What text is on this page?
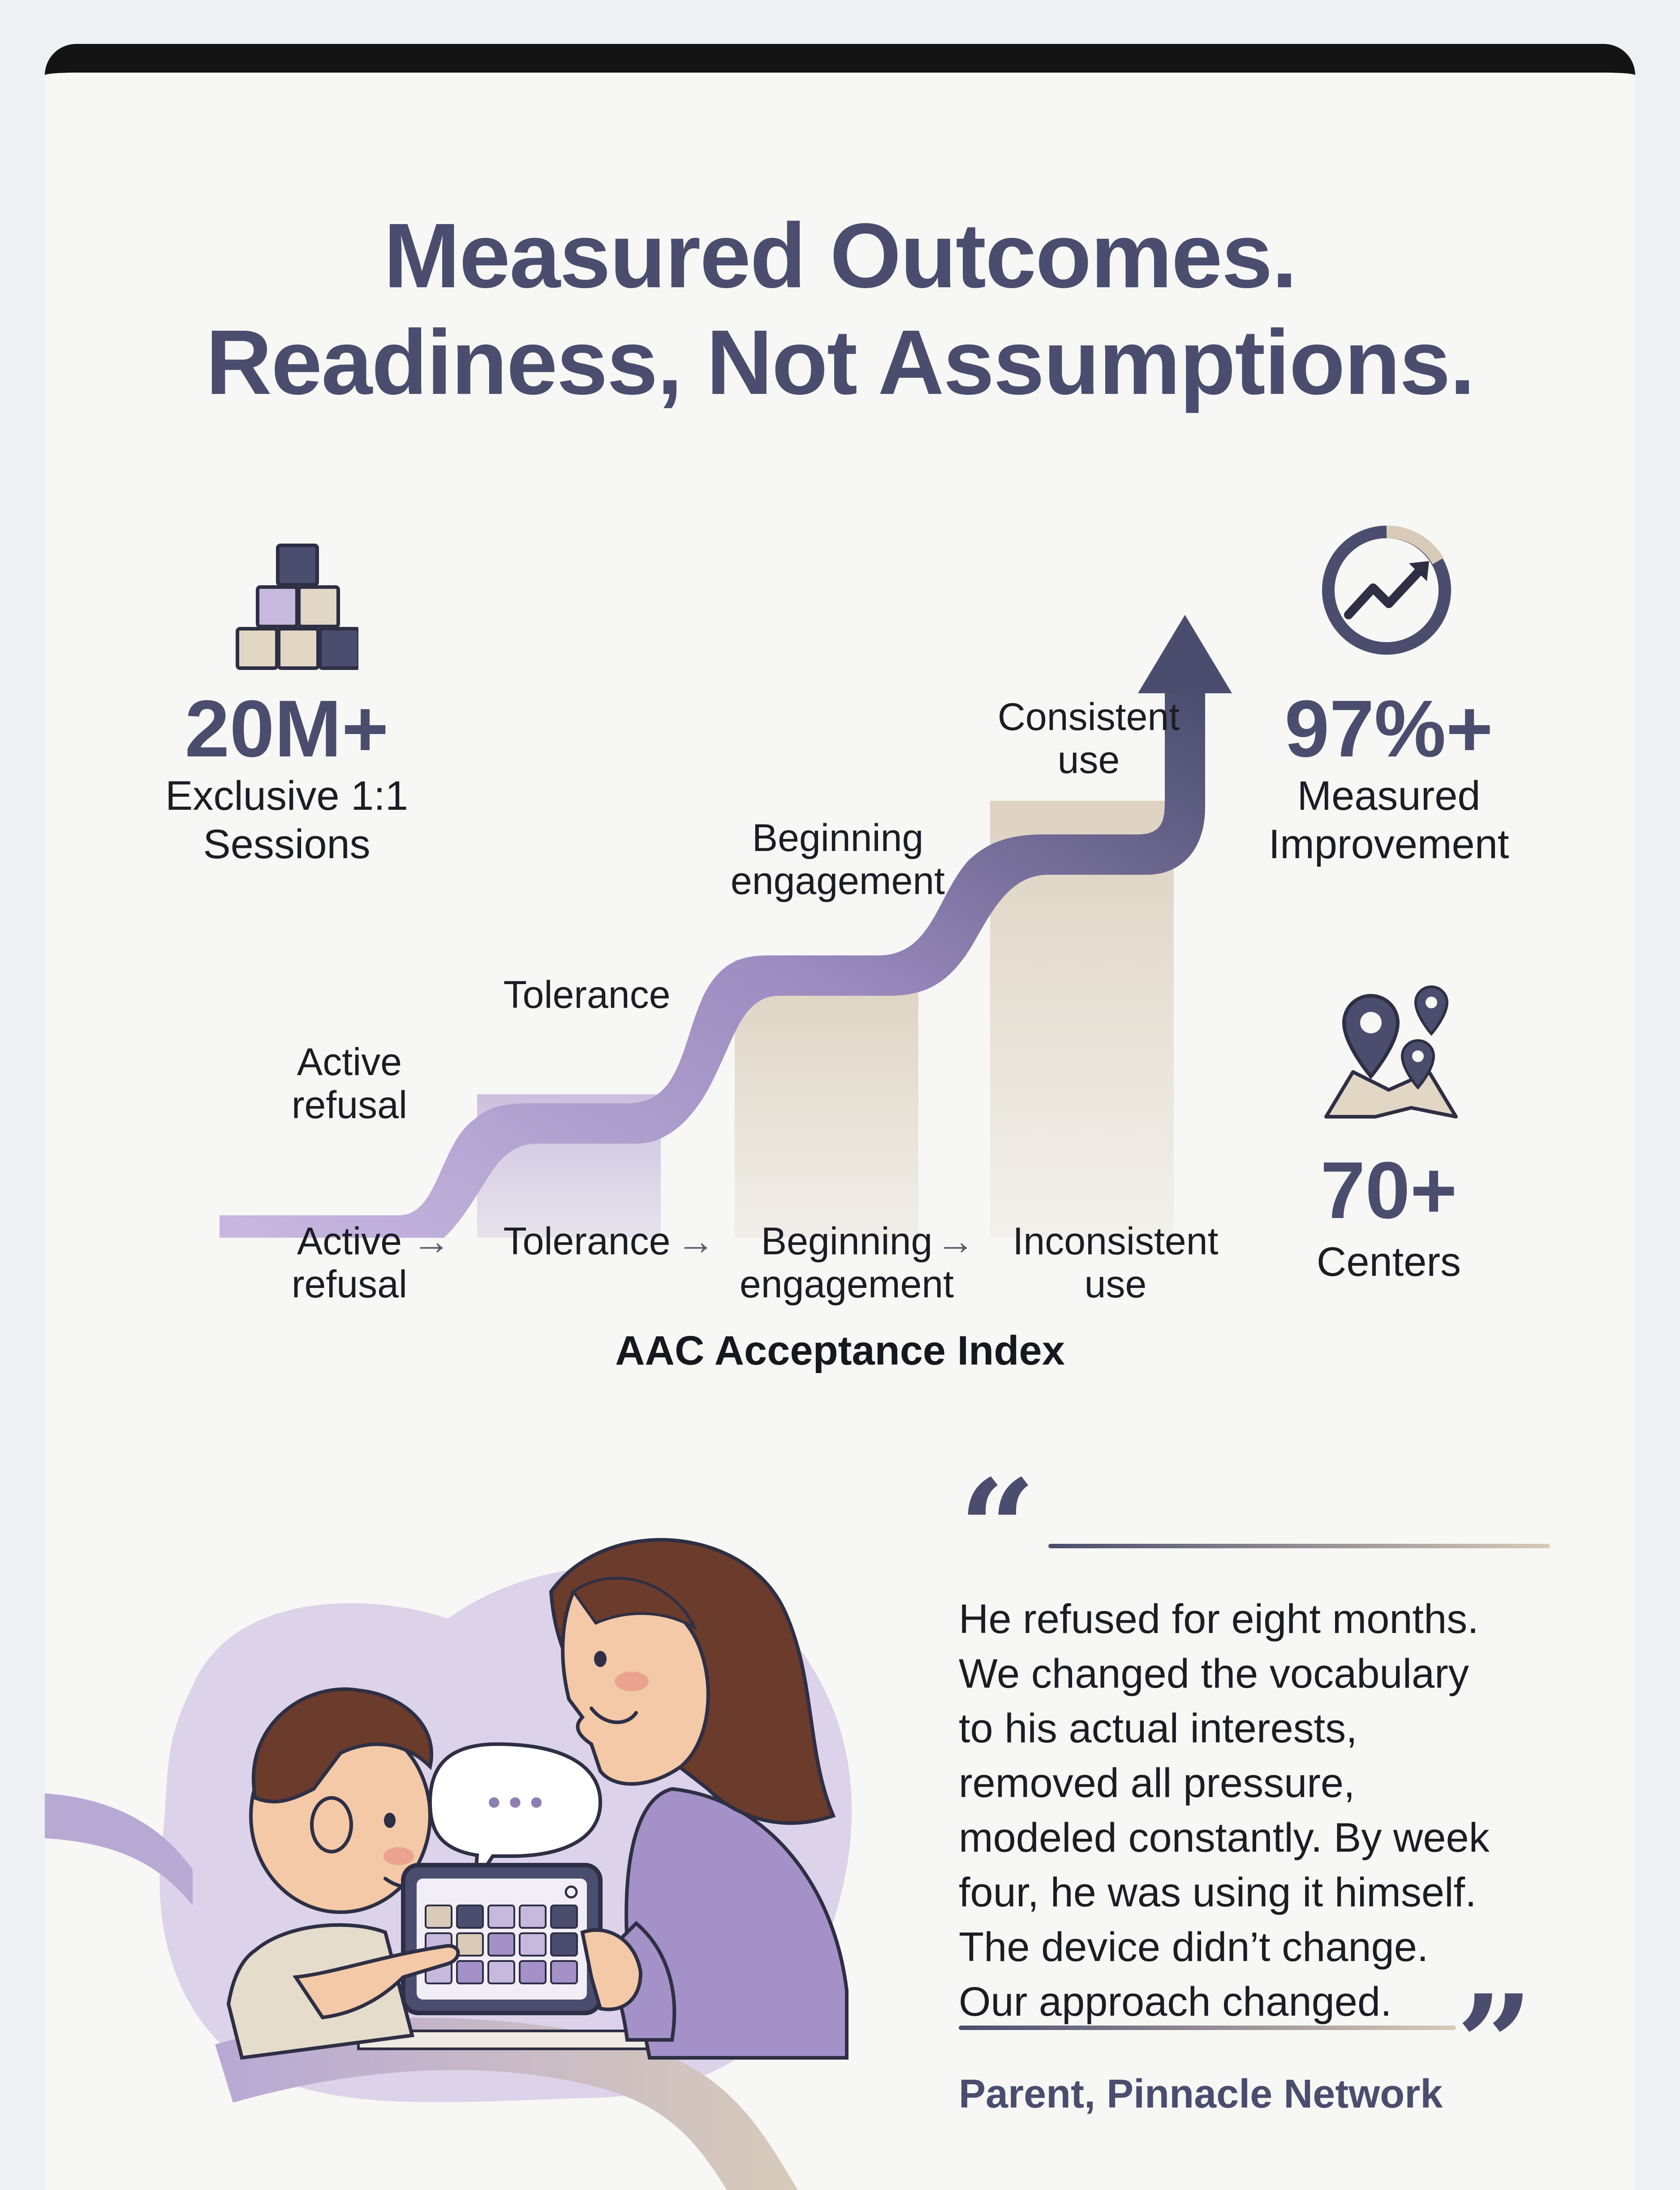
Measured Outcomes.
Readiness, Not Assumptions.
20M+
Exclusive 1:1
Sessions
97%+
Measured
Improvement
70+
Centers
Active
refusal
Tolerance
Beginning
engagement
Consistent
use
Active
refusal
→	Tolerance →	Beginning
engagement
→ Inconsistent
use
AAC Acceptance Index
•••
“
He refused for eight months.
We changed the vocabulary
to his actual interests,
removed all pressure,
modeled constantly. By week
four, he was using it himself.
The device didn’t change.
Our approach changed. ”
Parent, Pinnacle Network
